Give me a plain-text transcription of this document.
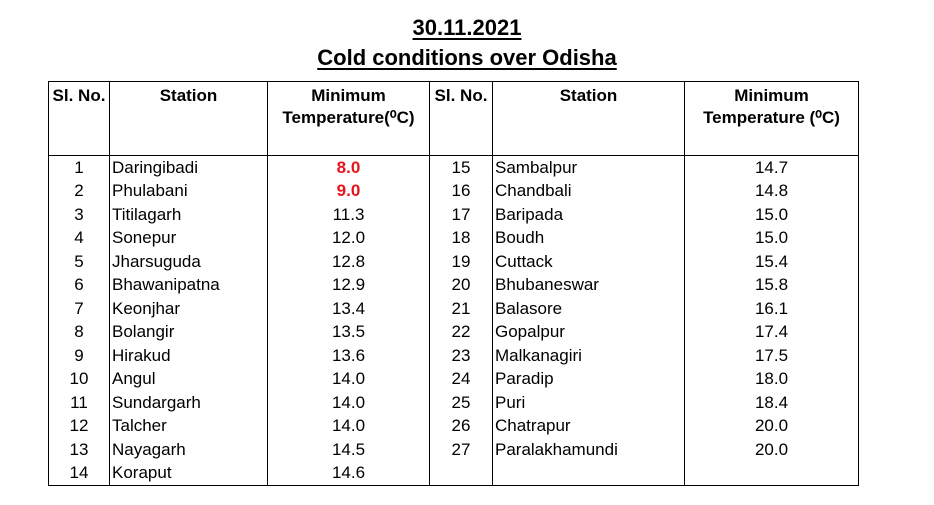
30.11.2021
Cold conditions over Odisha
Sl. No.	Station	Minimum Temperature(⁰C)	Sl. No.	Station	Minimum Temperature (⁰C)
1	Daringibadi	8.0	15	Sambalpur	14.7
2	Phulabani	9.0	16	Chandbali	14.8
3	Titilagarh	11.3	17	Baripada	15.0
4	Sonepur	12.0	18	Boudh	15.0
5	Jharsuguda	12.8	19	Cuttack	15.4
6	Bhawanipatna	12.9	20	Bhubaneswar	15.8
7	Keonjhar	13.4	21	Balasore	16.1
8	Bolangir	13.5	22	Gopalpur	17.4
9	Hirakud	13.6	23	Malkanagiri	17.5
10	Angul	14.0	24	Paradip	18.0
11	Sundargarh	14.0	25	Puri	18.4
12	Talcher	14.0	26	Chatrapur	20.0
13	Nayagarh	14.5	27	Paralakhamundi	20.0
14	Koraput	14.6			
